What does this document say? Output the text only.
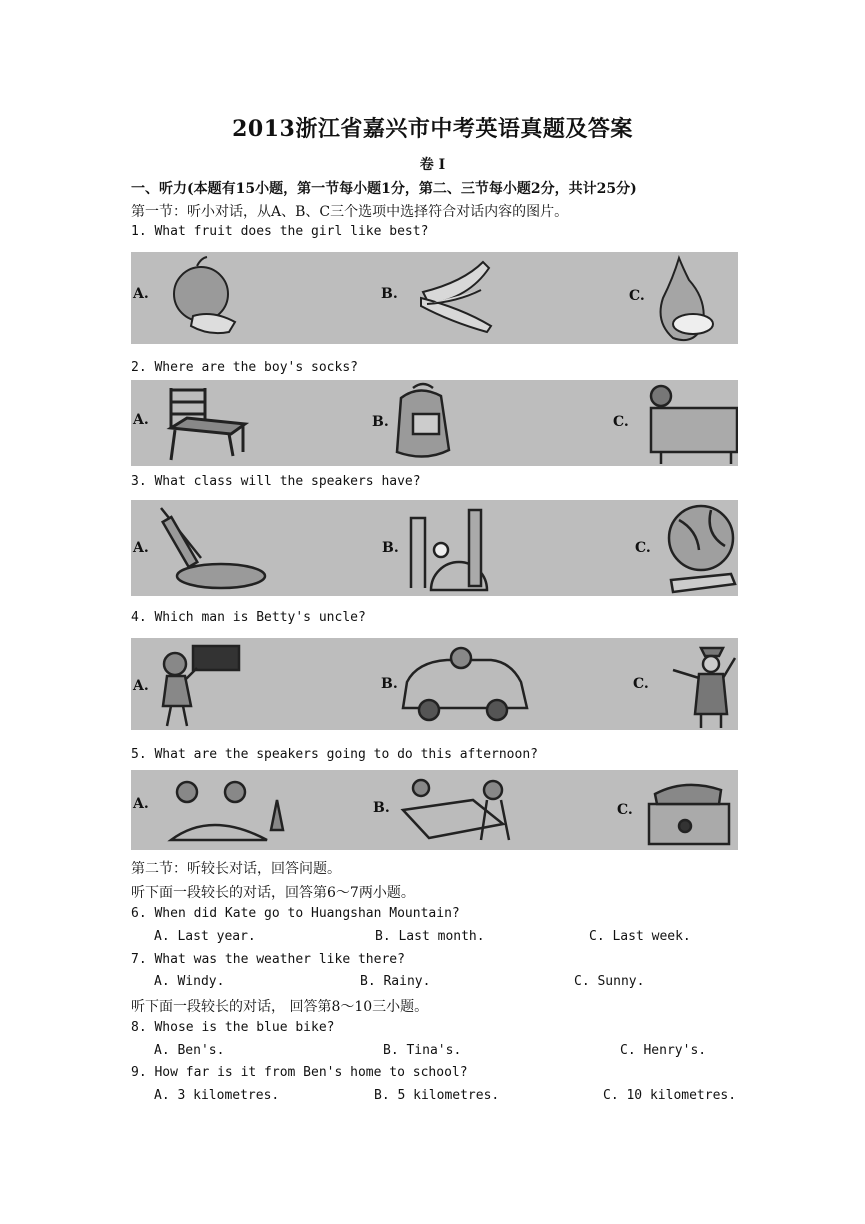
2013浙江省嘉兴市中考英语真题及答案
卷 I
一、听力(本题有15小题，第一节每小题1分，第二、三节每小题2分，共计25分)
第一节：听小对话，从A、B、C三个选项中选择符合对话内容的图片。
1. What fruit does the girl like best?
A.	B.	C.
2. Where are the boy's socks?
A.	B.	C.
3. What class will the speakers have?
A.	B.	C.
4. Which man is Betty's uncle?
A.	B.	C.
5. What are the speakers going to do this afternoon?
A.	B.	C.
第二节：听较长对话，回答问题。
听下面一段较长的对话，回答第6～7两小题。
6. When did Kate go to Huangshan Mountain?
A. Last year.	B. Last month.	C. Last week.
7. What was the weather like there?
A. Windy.	B. Rainy.	C. Sunny.
听下面一段较长的对话， 回答第8～10三小题。
8. Whose is the blue bike?
A. Ben's.	B. Tina's.	C. Henry's.
9. How far is it from Ben's home to school?
A. 3 kilometres.	B. 5 kilometres.	C. 10 kilometres.
